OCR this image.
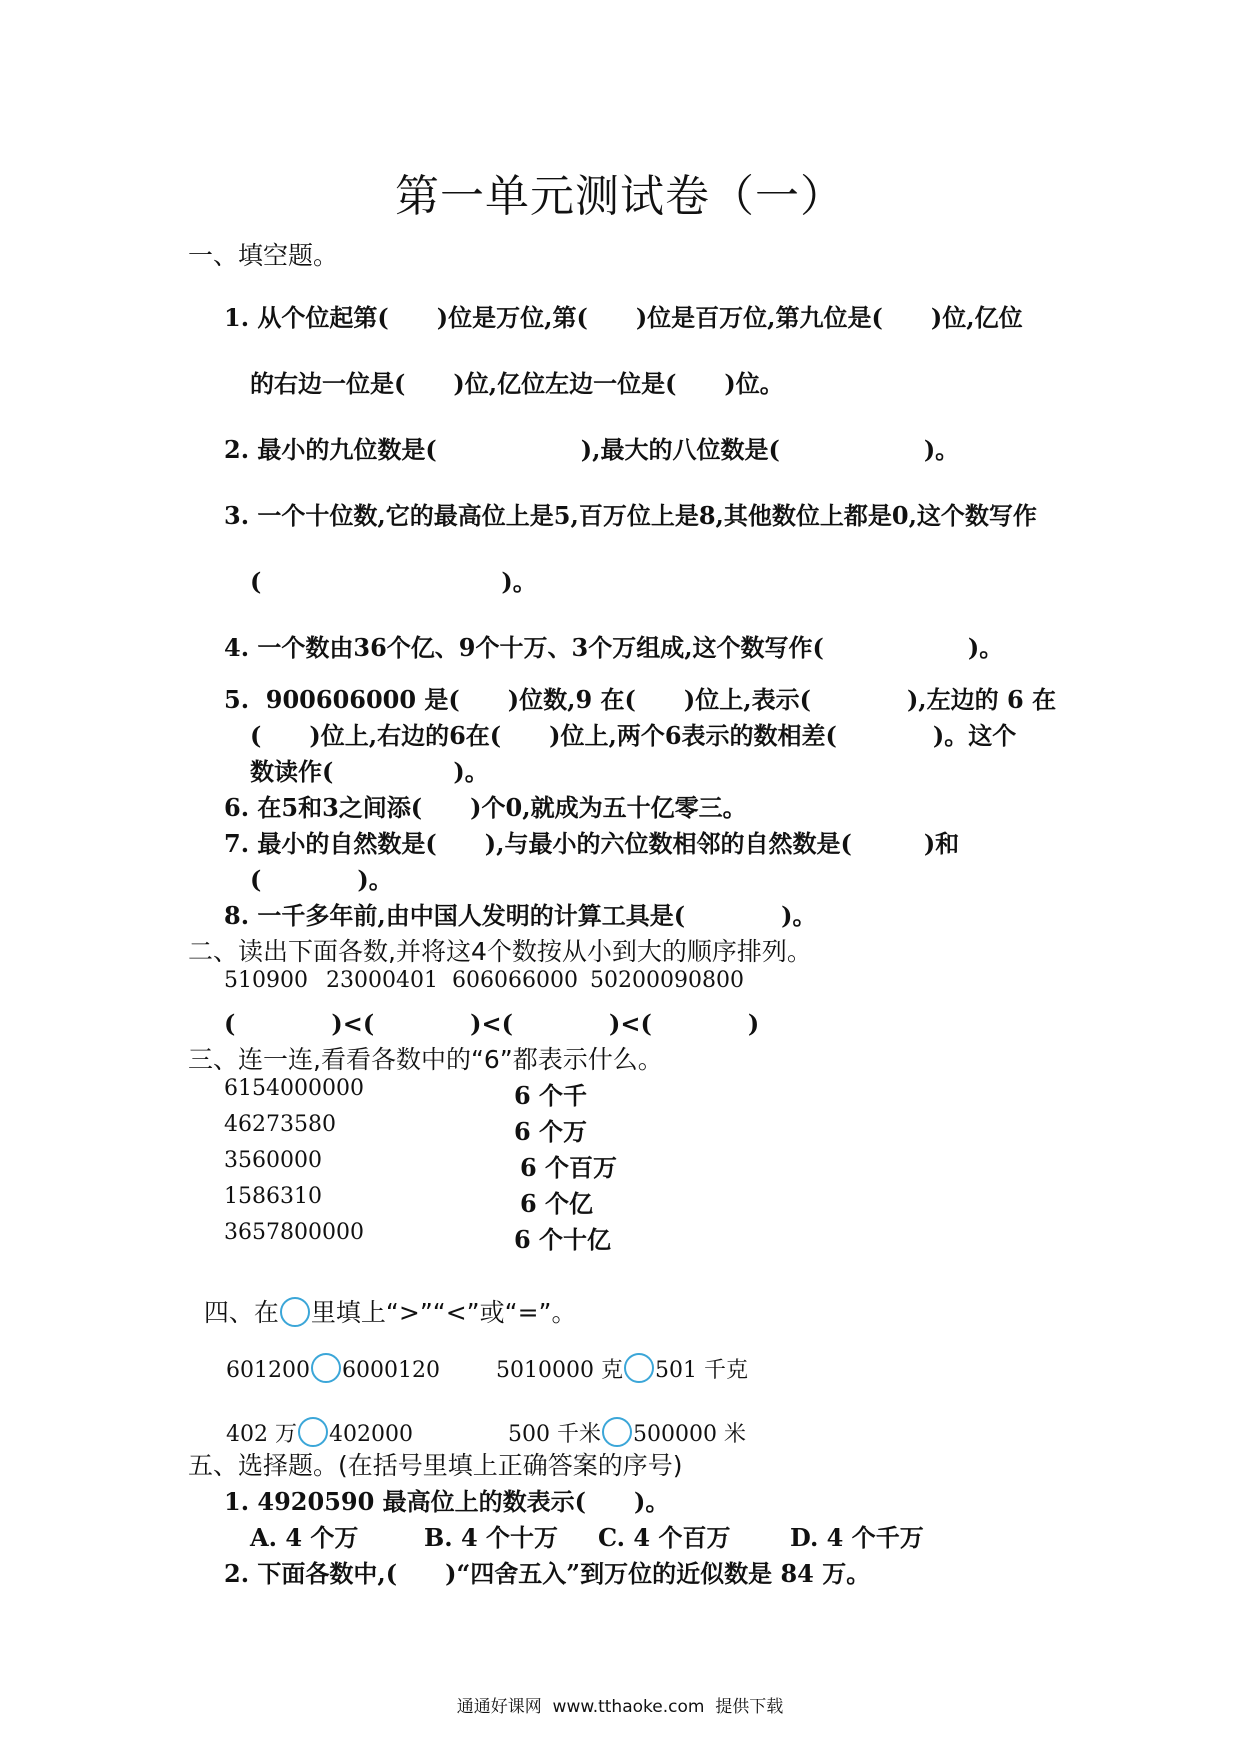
第一单元测试卷（一）
一、填空题。
1. 从个位起第(　　)位是万位,第(　　)位是百万位,第九位是(　　)位,亿位
的右边一位是(　　)位,亿位左边一位是(　　)位。
2. 最小的九位数是(　　　　　　),最大的八位数是(　　　　　　)。
3. 一个十位数,它的最高位上是5,百万位上是8,其他数位上都是0,这个数写作
(　　　　　　　　　　)。
4. 一个数由36个亿、9个十万、3个万组成,这个数写作(　　　　　　)。
5.  900606000 是(　　)位数,9 在(　　)位上,表示(　　　　),左边的 6 在
(　　)位上,右边的6在(　　)位上,两个6表示的数相差(　　　　)。这个
数读作(　　　　　)。
6. 在5和3之间添(　　)个0,就成为五十亿零三。
7. 最小的自然数是(　　),与最小的六位数相邻的自然数是(　　　)和
(　　　　)。
8. 一千多年前,由中国人发明的计算工具是(　　　　)。
二、读出下面各数,并将这4个数按从小到大的顺序排列。
510900 23000401 606066000 50200090800
(　　　　)<(　　　　)<(　　　　)<(　　　　)
三、连一连,看看各数中的“6”都表示什么。
6154000000
46273580
3560000
1586310
3657800000
6 个千
6 个万
6 个百万
6 个亿
6 个十亿

四、在 里填上“>”“<”或“=”。

601200 6000120	5010000 克 501 千克

402 万 402000	500 千米 500000 米

五、选择题。(在括号里填上正确答案的序号)
1. 4920590 最高位上的数表示(　　)。
A. 4 个万	B. 4 个十万 C. 4 个百万 D. 4 个千万
2. 下面各数中,(　　)“四舍五入”到万位的近似数是 84 万。
通通好课网  www.tthaoke.com  提供下载
